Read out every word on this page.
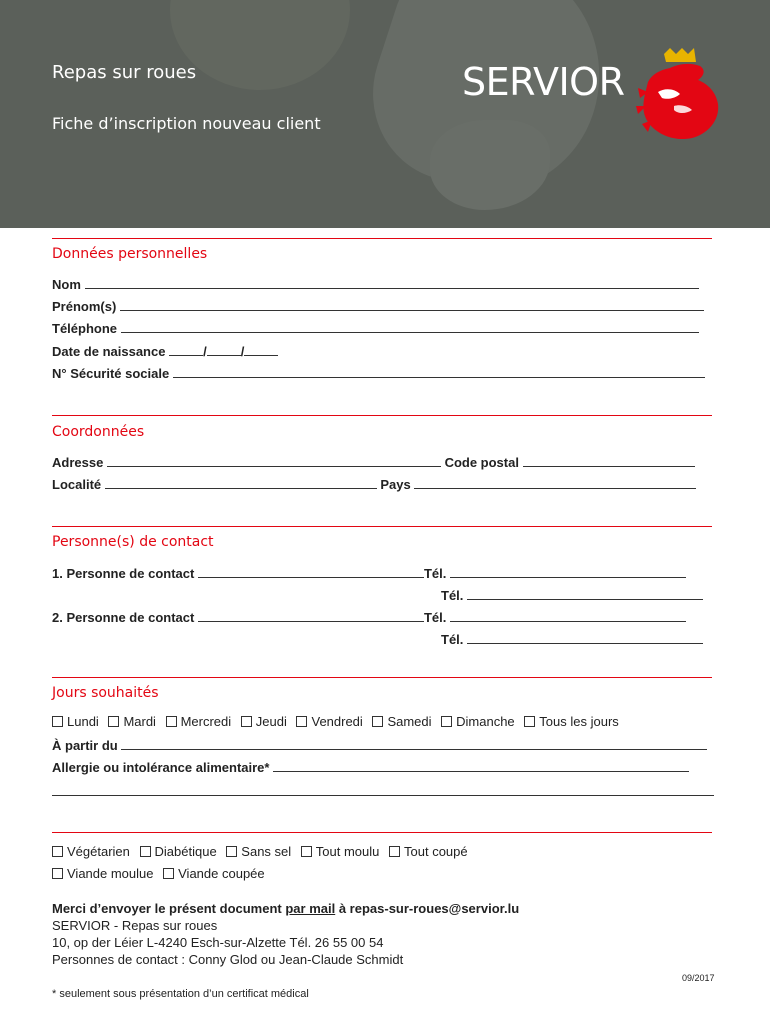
Repas sur roues
Fiche d’inscription nouveau client
SERVIOR
Données personnelles
Nom
Prénom(s)
Téléphone
Date de naissance	/	/
N° Sécurité sociale
Coordonnées
Adresse	Code postal
Localité	Pays
Personne(s) de contact
1. Personne de contact	Tél.
Tél.
2. Personne de contact	Tél.
Tél.
Jours souhaités
Lundi Mardi Mercredi Jeudi Vendredi Samedi Dimanche Tous les jours
À partir du
Allergie ou intolérance alimentaire*
Végétarien Diabétique Sans sel Tout moulu Tout coupé
Viande moulue Viande coupée
Merci d’envoyer le présent document par mail à repas-sur-roues@servior.lu
SERVIOR - Repas sur roues
10, op der Léier L-4240 Esch-sur-Alzette Tél. 26 55 00 54
Personnes de contact : Conny Glod ou Jean-Claude Schmidt
09/2017
* seulement sous présentation d’un certificat médical
